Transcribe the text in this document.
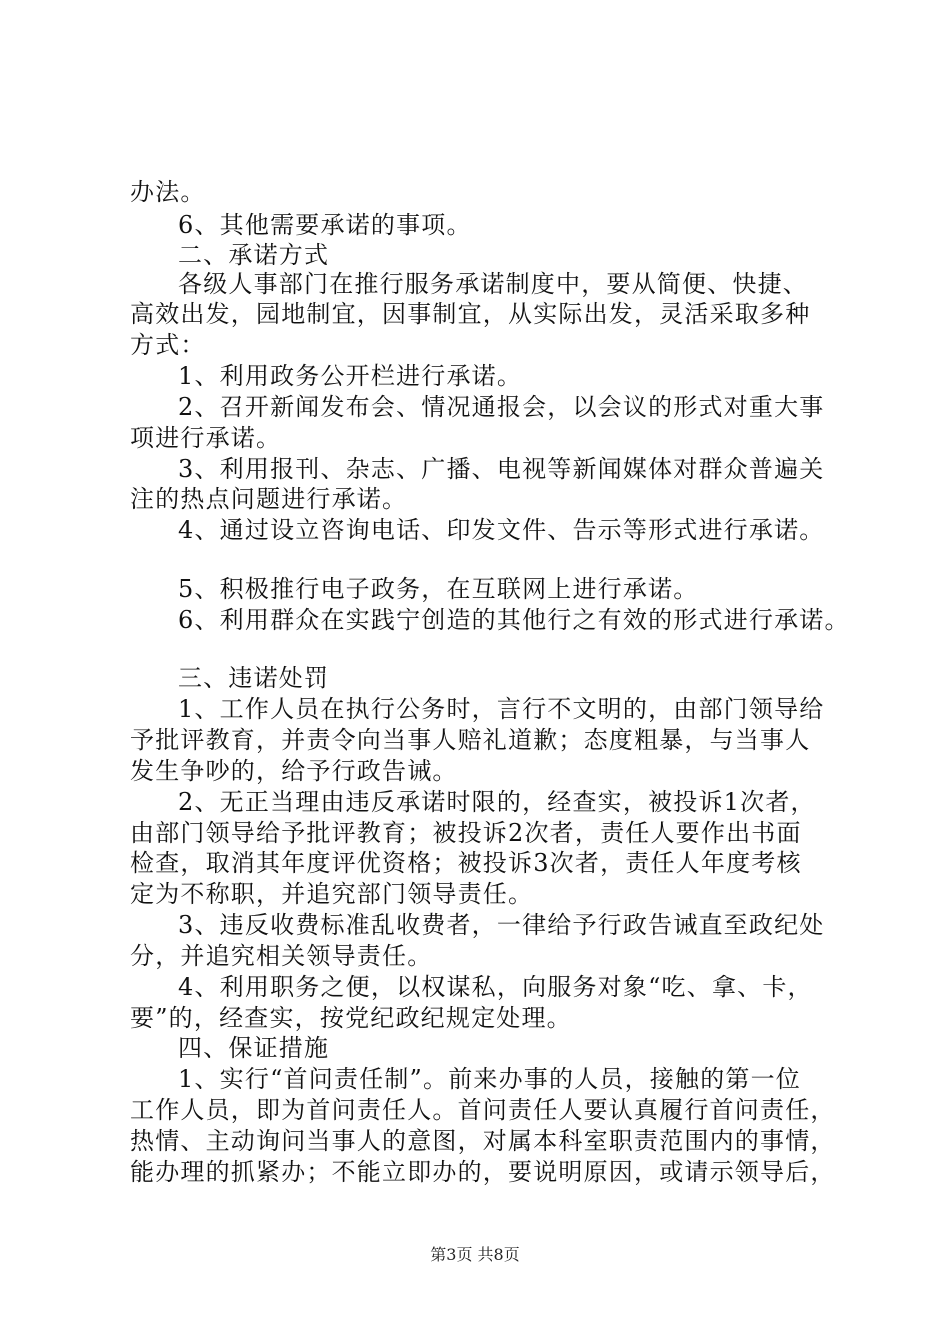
办法。
6、其他需要承诺的事项。
二、承诺方式
各级人事部门在推行服务承诺制度中，要从简便、快捷、
高效出发，园地制宜，因事制宜，从实际出发，灵活采取多种
方式：
1、利用政务公开栏进行承诺。
2、召开新闻发布会、情况通报会，以会议的形式对重大事
项进行承诺。
3、利用报刊、杂志、广播、电视等新闻媒体对群众普遍关
注的热点问题进行承诺。
4、通过设立咨询电话、印发文件、告示等形式进行承诺。
5、积极推行电子政务，在互联网上进行承诺。
6、利用群众在实践宁创造的其他行之有效的形式进行承诺。
三、违诺处罚
1、工作人员在执行公务时，言行不文明的，由部门领导给
予批评教育，并责令向当事人赔礼道歉；态度粗暴，与当事人
发生争吵的，给予行政告诫。
2、无正当理由违反承诺时限的，经查实，被投诉1次者，
由部门领导给予批评教育；被投诉2次者，责任人要作出书面
检查，取消其年度评优资格；被投诉3次者，责任人年度考核
定为不称职，并追究部门领导责任。
3、违反收费标准乱收费者，一律给予行政告诫直至政纪处
分，并追究相关领导责任。
4、利用职务之便，以权谋私，向服务对象“吃、拿、卡，
要”的，经查实，按党纪政纪规定处理。
四、保证措施
1、实行“首问责任制”。前来办事的人员，接触的第一位
工作人员，即为首问责任人。首问责任人要认真履行首问责任，
热情、主动询问当事人的意图，对属本科室职责范围内的事情，
能办理的抓紧办；不能立即办的，要说明原因，或请示领导后，
第3页 共8页
